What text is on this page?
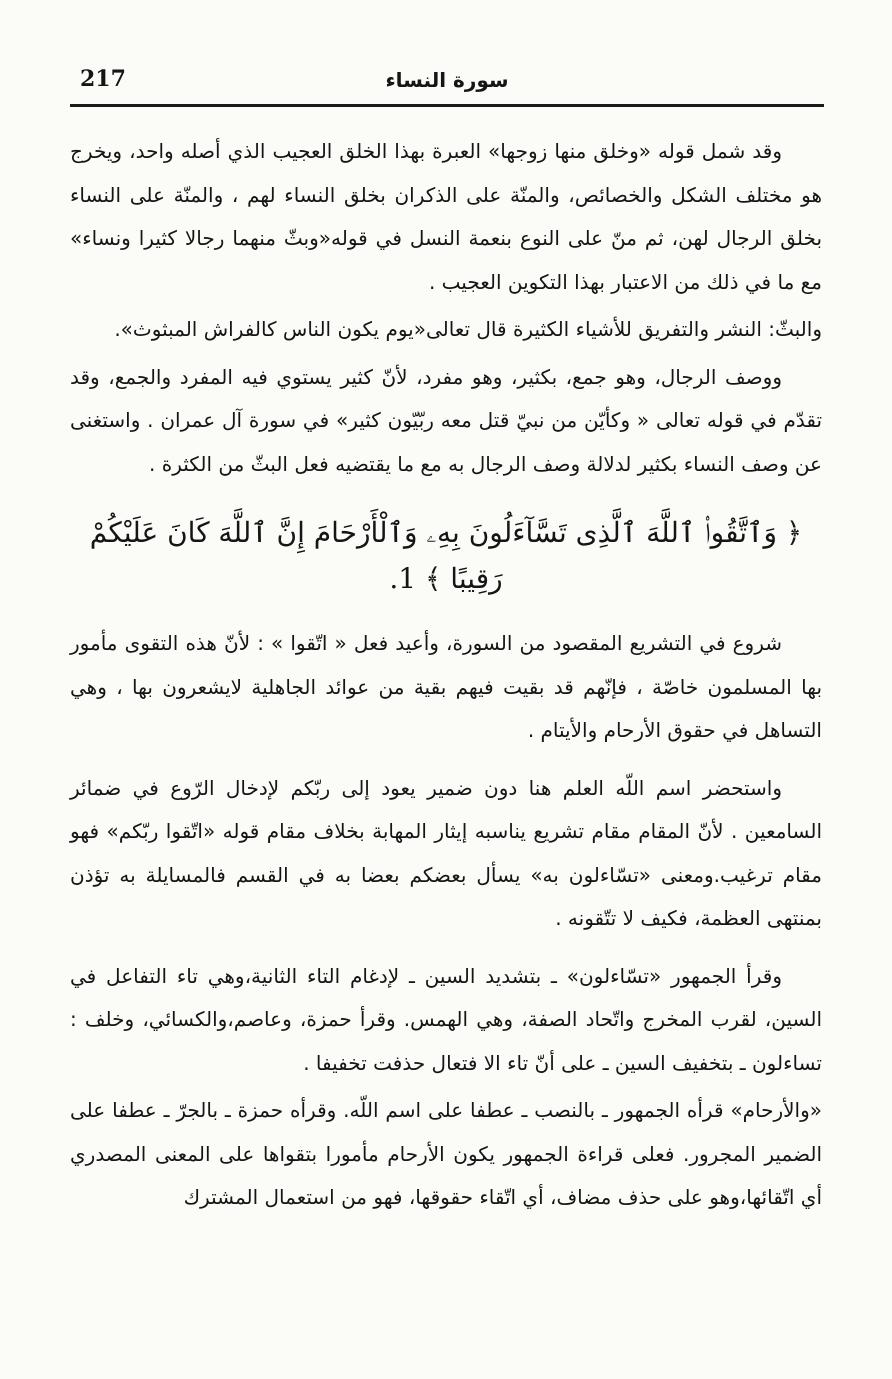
217	سورة النساء

وقد شمل قوله «وخلق منها زوجها» العبرة بهذا الخلق العجيب الذي أصله واحد، ويخرج هو مختلف الشكل والخصائص، والمنّة على الذكران بخلق النساء لهم ، والمنّة على النساء بخلق الرجال لهن، ثم منّ على النوع بنعمة النسل في قوله«وبثّ منهما رجالا كثيرا ونساء» مع ما في ذلك من الاعتبار بهذا التكوين العجيب .

والبثّ: النشر والتفريق للأشياء الكثيرة قال تعالى«يوم يكون الناس كالفراش المبثوث».

ووصف الرجال، وهو جمع، بكثير، وهو مفرد، لأنّ كثير يستوي فيه المفرد والجمع، وقد تقدّم في قوله تعالى « وكأيّن من نبيّ قتل معه ربّيّون كثير» في سورة آل عمران . واستغنى عن وصف النساء بكثير لدلالة وصف الرجال به مع ما يقتضيه فعل البثّ من الكثرة .

﴿ وَٱتَّقُوا۟ ٱللَّهَ ٱلَّذِى تَسَّآءَلُونَ بِهِۦ وَٱلْأَرْحَامَ إِنَّ ٱللَّهَ كَانَ عَلَيْكُمْ رَقِيبًا ﴾ 1.

شروع في التشريع المقصود من السورة، وأعيد فعل « اتّقوا » : لأنّ هذه التقوى مأمور بها المسلمون خاصّة ، فإنّهم قد بقيت فيهم بقية من عوائد الجاهلية لايشعرون بها ، وهي التساهل في حقوق الأرحام والأيتام .

واستحضر اسم اللّه العلم هنا دون ضمير يعود إلى ربّكم لإدخال الرّوع في ضمائر السامعين . لأنّ المقام مقام تشريع يناسبه إيثار المهابة بخلاف مقام قوله «اتّقوا ربّكم» فهو مقام ترغيب.ومعنى «تسّاءلون به» يسأل بعضكم بعضا به في القسم فالمسايلة به تؤذن بمنتهى العظمة، فكيف لا تتّقونه .

وقرأ الجمهور «تسّاءلون» ـ بتشديد السين ـ لإدغام التاء الثانية،وهي تاء التفاعل في السين، لقرب المخرج واتّحاد الصفة، وهي الهمس. وقرأ حمزة، وعاصم،والكسائي، وخلف : تساءلون ـ بتخفيف السين ـ على أنّ تاء الا فتعال حذفت تخفيفا .

«والأرحام» قرأه الجمهور ـ بالنصب ـ عطفا على اسم اللّه. وقرأه حمزة ـ بالجرّ ـ عطفا على الضمير المجرور. فعلى قراءة الجمهور يكون الأرحام مأمورا بتقواها على المعنى المصدري أي اتّقائها،وهو على حذف مضاف، أي اتّقاء حقوقها، فهو من استعمال المشترك
